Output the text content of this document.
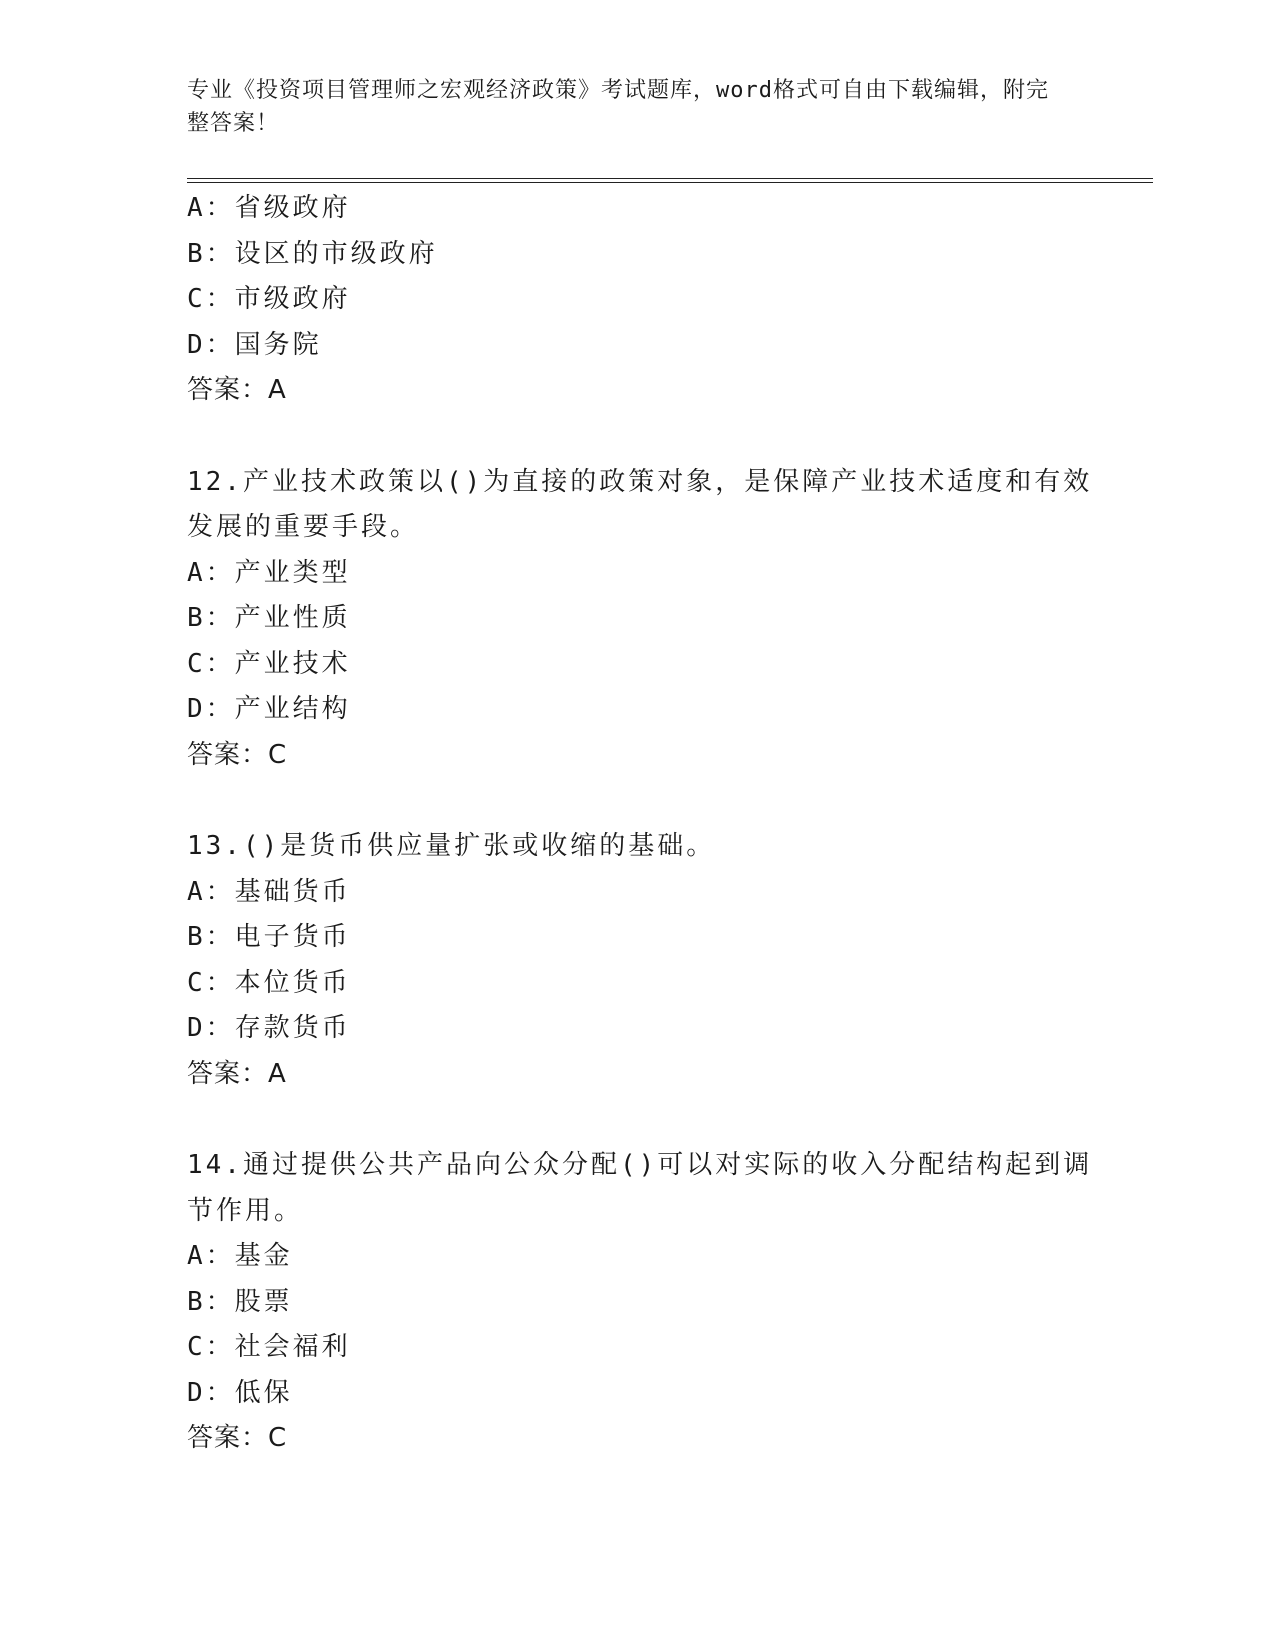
专业《投资项目管理师之宏观经济政策》考试题库，word格式可自由下载编辑，附完整答案！
A：省级政府
B：设区的市级政府
C：市级政府
D：国务院
答案：A
12.产业技术政策以()为直接的政策对象，是保障产业技术适度和有效
发展的重要手段。
A：产业类型
B：产业性质
C：产业技术
D：产业结构
答案：C
13.()是货币供应量扩张或收缩的基础。
A：基础货币
B：电子货币
C：本位货币
D：存款货币
答案：A
14.通过提供公共产品向公众分配()可以对实际的收入分配结构起到调
节作用。
A：基金
B：股票
C：社会福利
D：低保
答案：C
